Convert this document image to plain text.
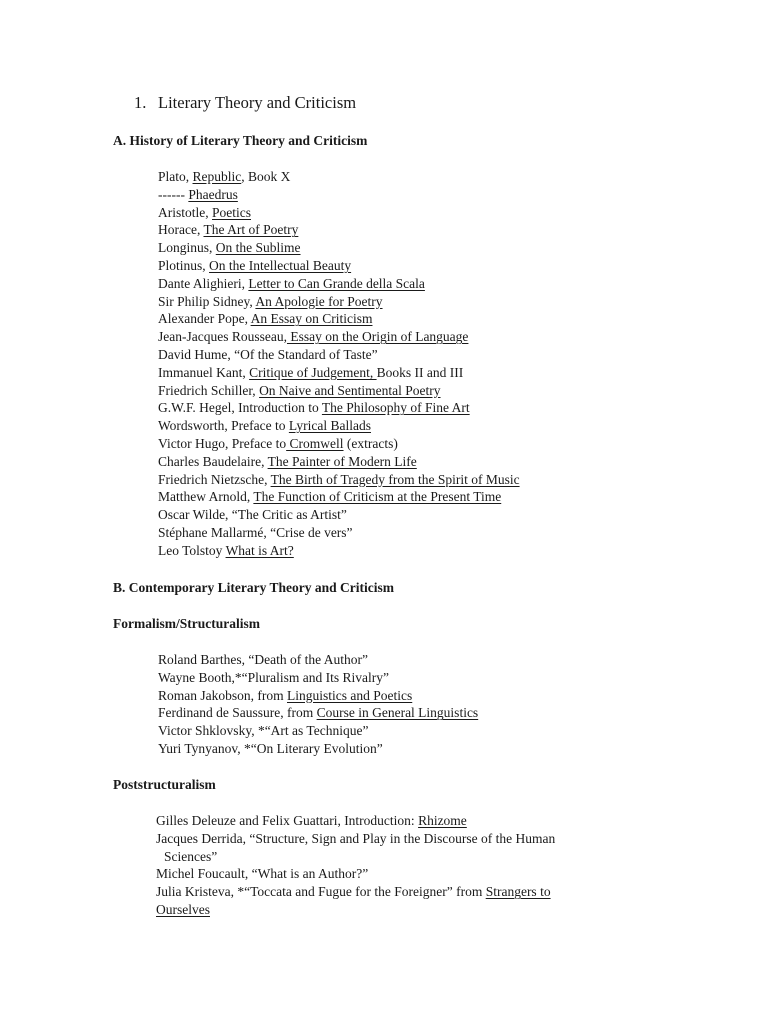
1. Literary Theory and Criticism
A. History of Literary Theory and Criticism
Plato, Republic, Book X
------ Phaedrus
Aristotle, Poetics
Horace, The Art of Poetry
Longinus, On the Sublime
Plotinus, On the Intellectual Beauty
Dante Alighieri, Letter to Can Grande della Scala
Sir Philip Sidney, An Apologie for Poetry
Alexander Pope, An Essay on Criticism
Jean-Jacques Rousseau, Essay on the Origin of Language
David Hume, “Of the Standard of Taste”
Immanuel Kant, Critique of Judgement, Books II and III
Friedrich Schiller, On Naive and Sentimental Poetry
G.W.F. Hegel, Introduction to The Philosophy of Fine Art
Wordsworth, Preface to Lyrical Ballads
Victor Hugo, Preface to Cromwell (extracts)
Charles Baudelaire, The Painter of Modern Life
Friedrich Nietzsche, The Birth of Tragedy from the Spirit of Music
Matthew Arnold, The Function of Criticism at the Present Time
Oscar Wilde, “The Critic as Artist”
Stéphane Mallarmé, “Crise de vers”
Leo Tolstoy What is Art?
B. Contemporary Literary Theory and Criticism
Formalism/Structuralism
Roland Barthes, “Death of the Author”
Wayne Booth,*“Pluralism and Its Rivalry”
Roman Jakobson, from Linguistics and Poetics
Ferdinand de Saussure, from Course in General Linguistics
Victor Shklovsky, *“Art as Technique”
Yuri Tynyanov, *“On Literary Evolution”
Poststructuralism
Gilles Deleuze and Felix Guattari, Introduction: Rhizome
Jacques Derrida, “Structure, Sign and Play in the Discourse of the Human
Sciences”
Michel Foucault, “What is an Author?”
Julia Kristeva, *“Toccata and Fugue for the Foreigner” from Strangers to
Ourselves
